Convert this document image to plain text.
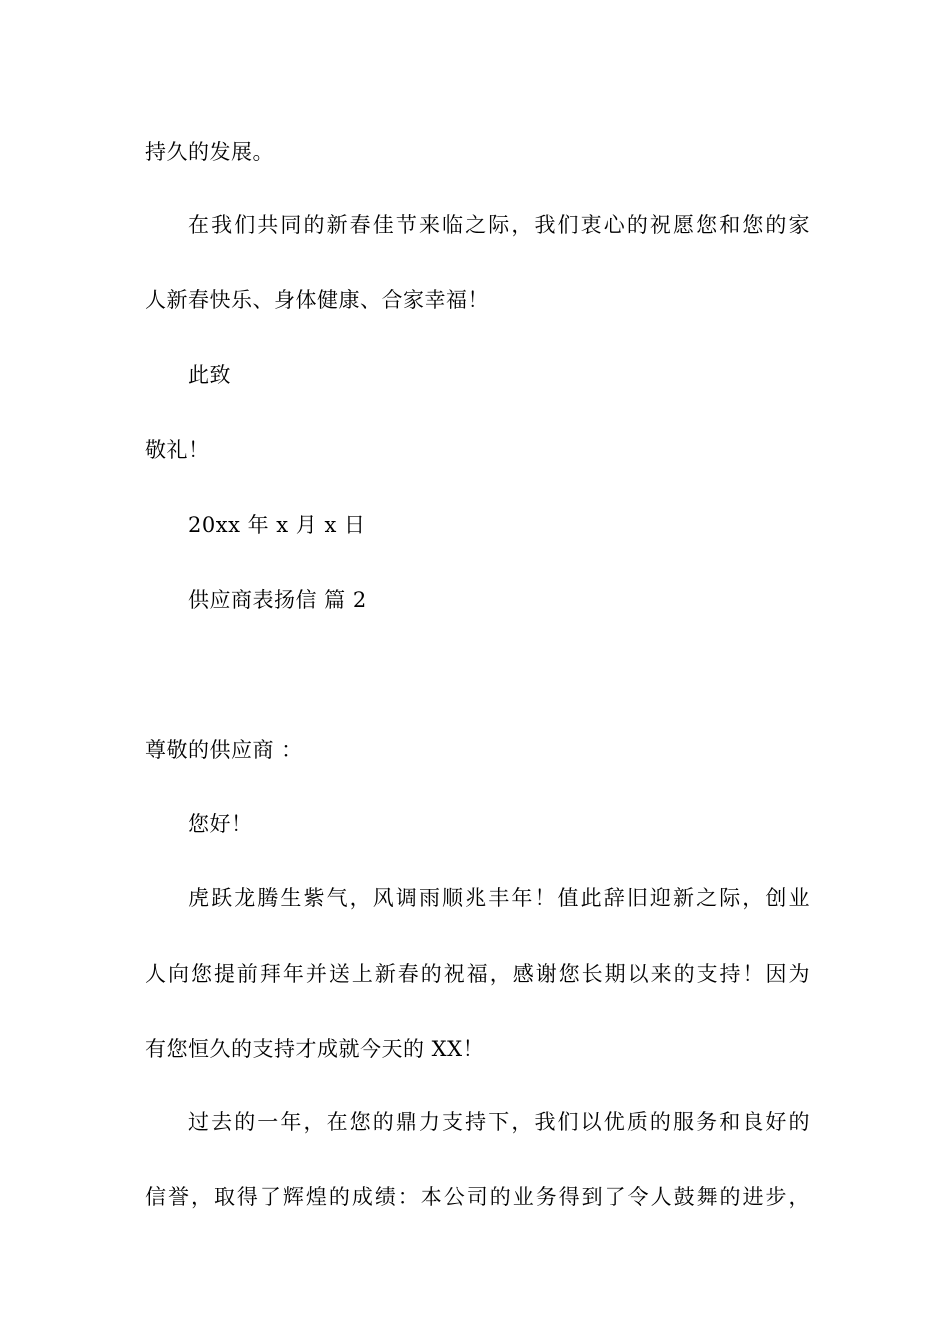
持久的发展。
在我们共同的新春佳节来临之际，我们衷心的祝愿您和您的家
人新春快乐、身体健康、合家幸福！
此致
敬礼！
20xx 年 x 月 x 日
供应商表扬信 篇 2
尊敬的供应商 ：
您好！
虎跃龙腾生紫气，风调雨顺兆丰年！值此辞旧迎新之际，创业
人向您提前拜年并送上新春的祝福，感谢您长期以来的支持！因为
有您恒久的支持才成就今天的 XX！
过去的一年，在您的鼎力支持下，我们以优质的服务和良好的
信誉，取得了辉煌的成绩：本公司的业务得到了令人鼓舞的进步，
